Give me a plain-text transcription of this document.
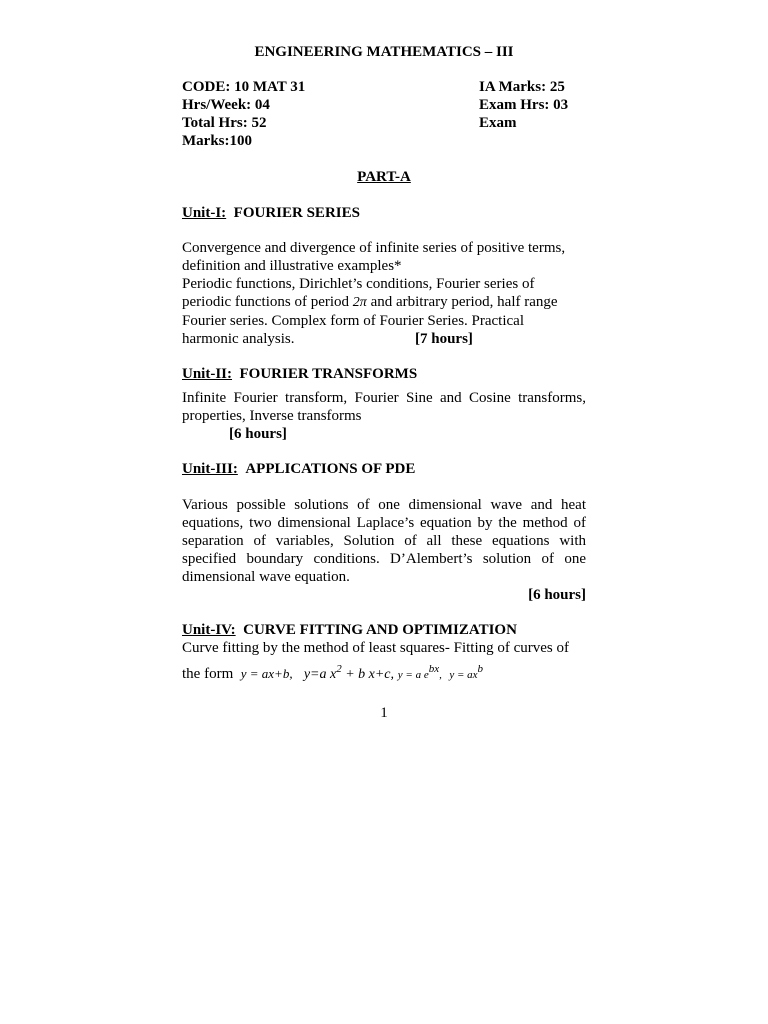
ENGINEERING MATHEMATICS – III
CODE: 10 MAT 31	IA Marks: 25
Hrs/Week: 04	Exam Hrs: 03
Total Hrs: 52	Exam
Marks:100
PART-A
Unit-I: FOURIER SERIES
Convergence and divergence of infinite series of positive terms,
definition and illustrative examples*
Periodic functions, Dirichlet’s conditions, Fourier series of
periodic functions of period 2π and arbitrary period, half range
Fourier series. Complex form of Fourier Series. Practical
harmonic analysis.	[7 hours]
Unit-II: FOURIER TRANSFORMS
Infinite Fourier transform, Fourier Sine and Cosine transforms, properties, Inverse transforms
[6 hours]
Unit-III: APPLICATIONS OF PDE
Various possible solutions of one dimensional wave and heat equations, two dimensional Laplace’s equation by the method of separation of variables, Solution of all these equations with specified boundary conditions. D’Alembert’s solution of one dimensional wave equation.
[6 hours]
Unit-IV: CURVE FITTING AND OPTIMIZATION
Curve fitting by the method of least squares- Fitting of curves of
the form y = ax+b, y=a $x^2 + b$ x+c, y = a $e^{bx}$, $y = ax^b$
1
